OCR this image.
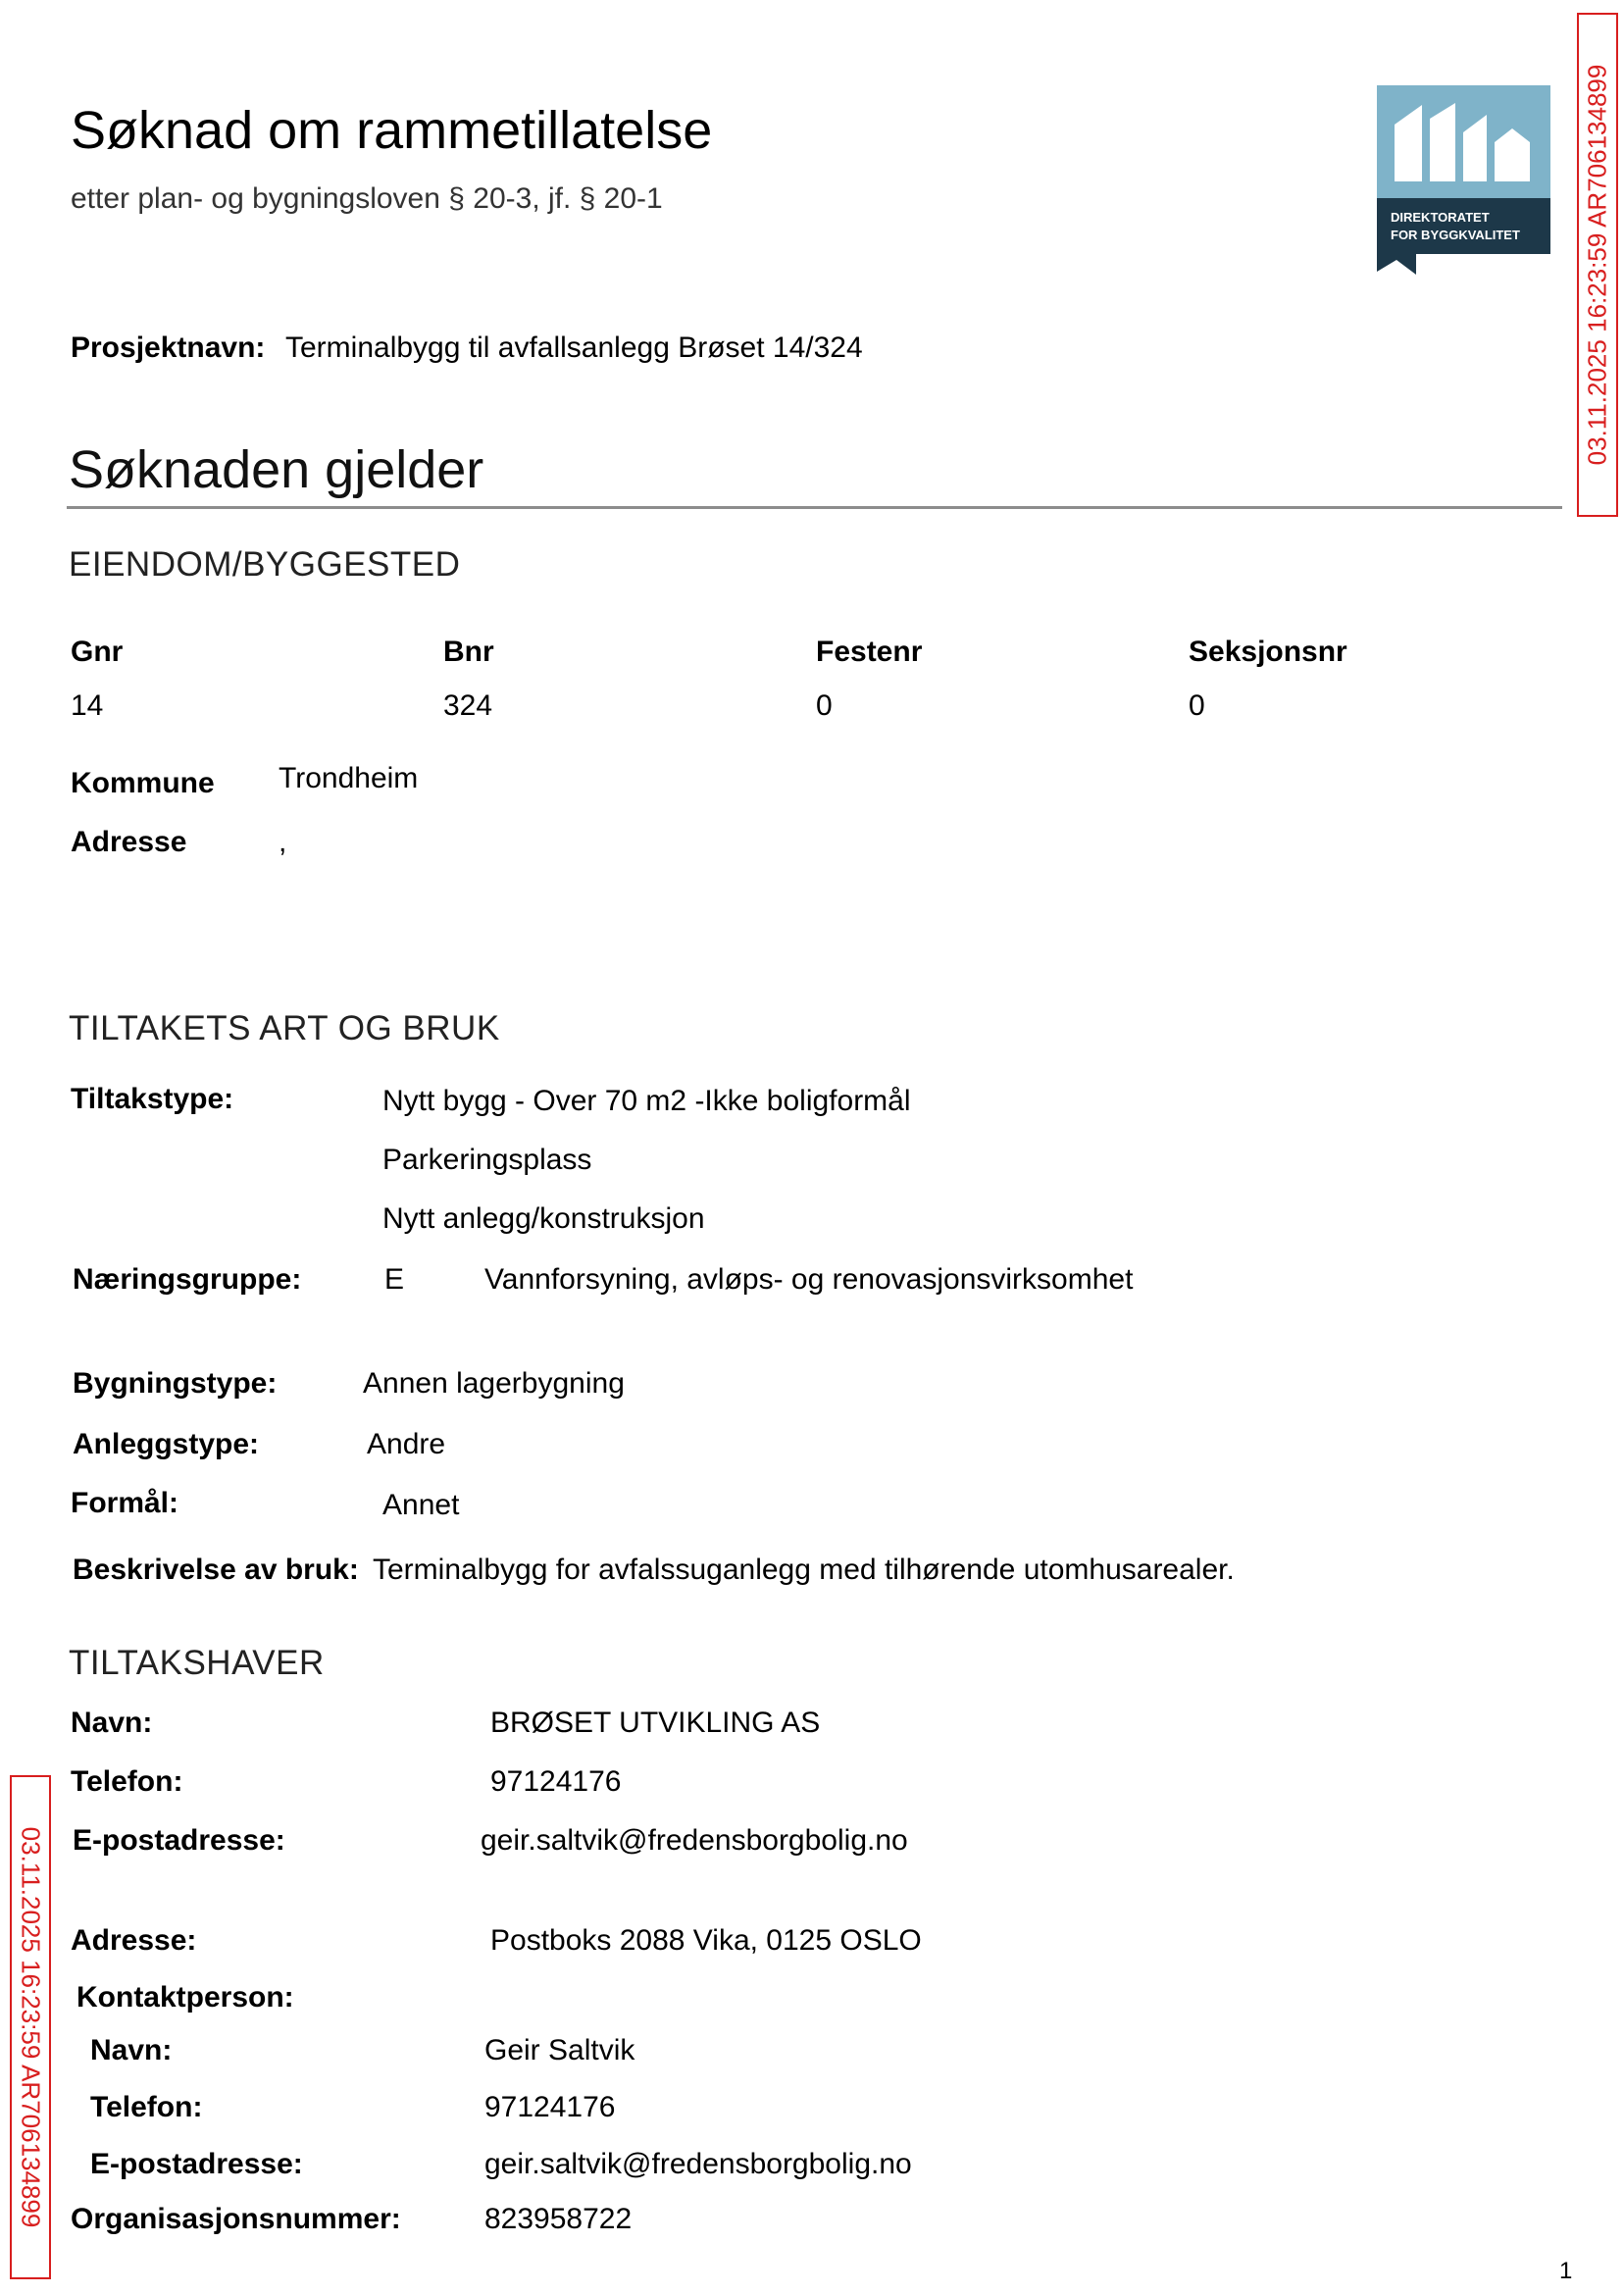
Søknad om rammetillatelse
etter plan- og bygningsloven § 20-3, jf. § 20-1
DIREKTORATET
FOR BYGGKVALITET
Prosjektnavn: Terminalbygg til avfallsanlegg Brøset 14/324
Søknaden gjelder
EIENDOM/BYGGESTED
Gnr	Bnr	Festenr	Seksjonsnr
14	324	0	0
Kommune Trondheim
Adresse	,
TILTAKETS ART OG BRUK
Tiltakstype:	Nytt bygg - Over 70 m2 -Ikke boligformål
Parkeringsplass
Nytt anlegg/konstruksjon
Næringsgruppe:	E	Vannforsyning, avløps- og renovasjonsvirksomhet
Bygningstype:	Annen lagerbygning
Anleggstype:	Andre
Formål:	Annet
Beskrivelse av bruk: Terminalbygg for avfalssuganlegg med tilhørende utomhusarealer.
TILTAKSHAVER
Navn:	BRØSET UTVIKLING AS
Telefon:	97124176
E-postadresse:	geir.saltvik@fredensborgbolig.no
Adresse:	Postboks 2088 Vika, 0125 OSLO
Kontaktperson:
Navn:	Geir Saltvik
Telefon:	97124176
E-postadresse:	geir.saltvik@fredensborgbolig.no
Organisasjonsnummer:	823958722
1
03.11.2025 16:23:59 AR706134899
03.11.2025 16:23:59 AR706134899
